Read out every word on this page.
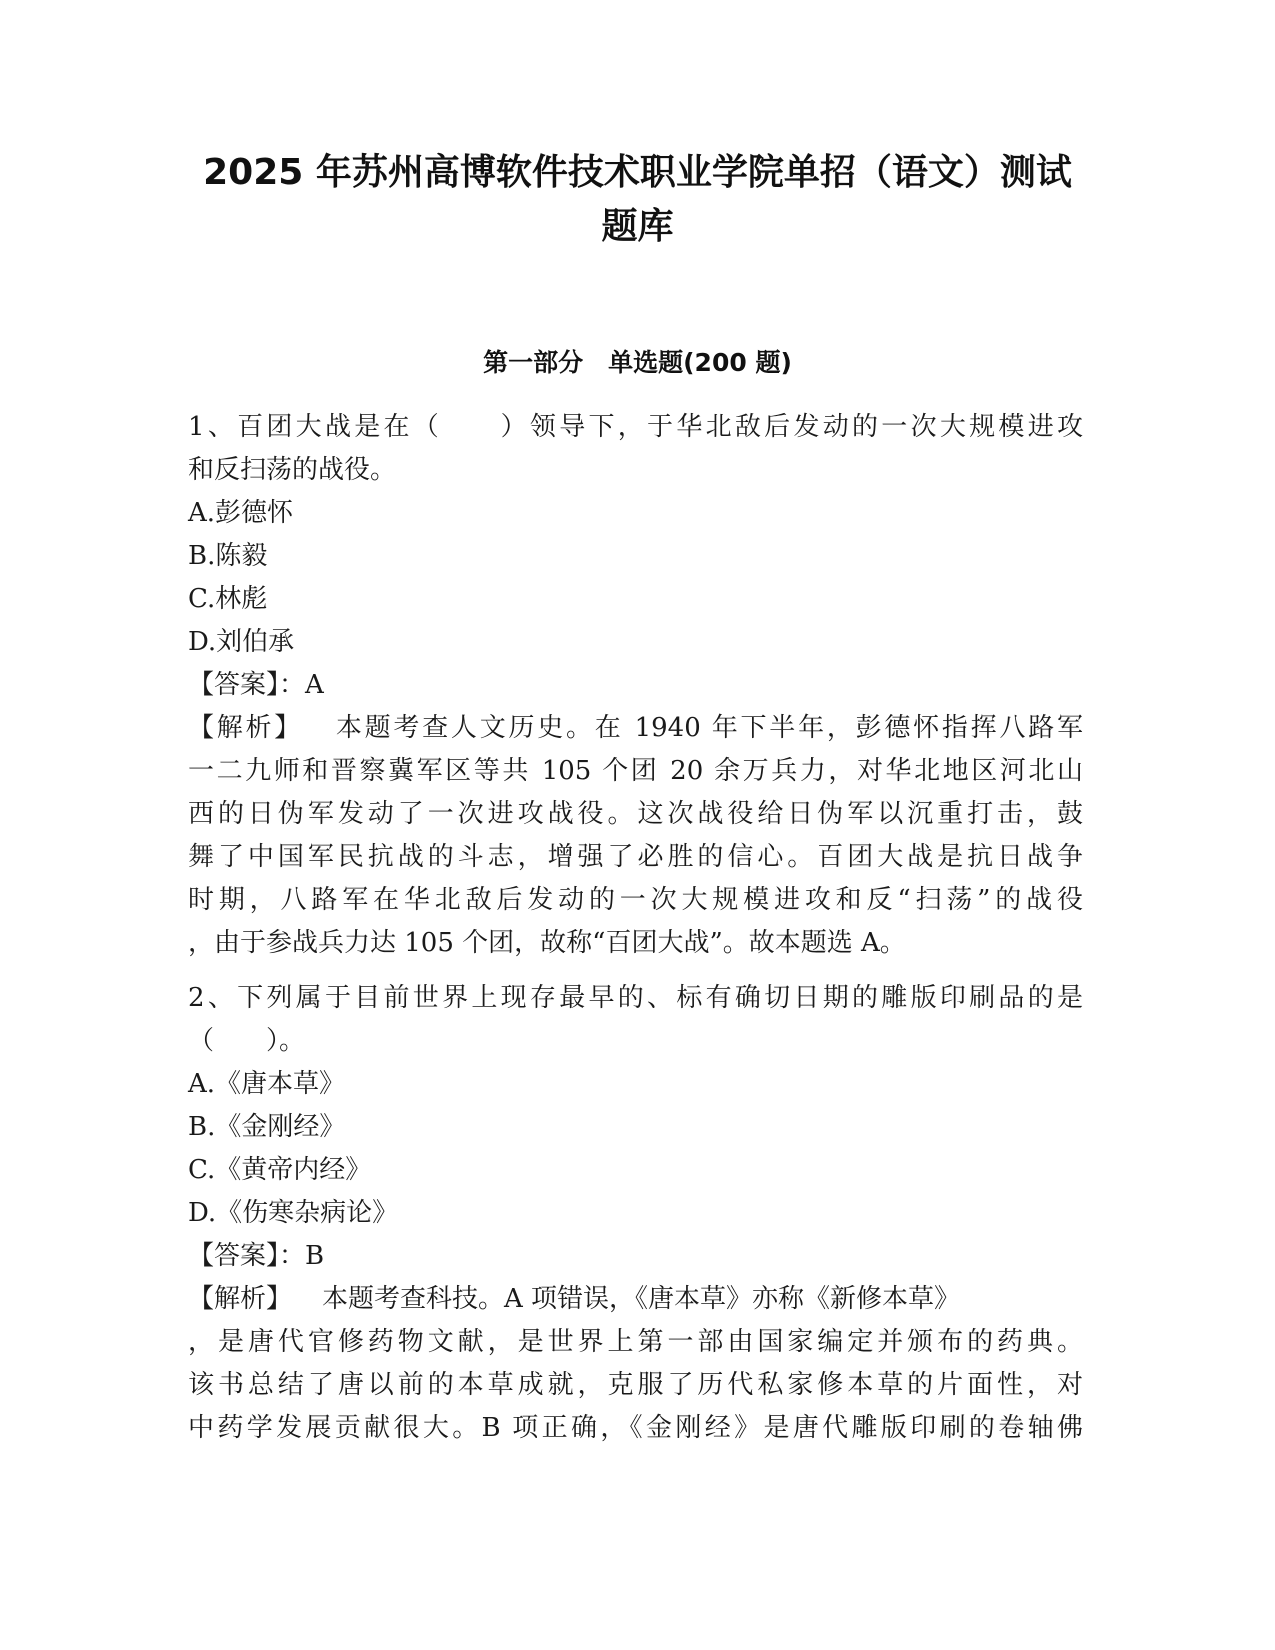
2025 年苏州高博软件技术职业学院单招（语文）测试
题库
第一部分　单选题(200 题)
1、百团大战是在（　　）领导下，于华北敌后发动的一次大规模进攻
和反扫荡的战役。
A.彭德怀
B.陈毅
C.林彪
D.刘伯承
【答案】：A
【解析】 本题考查人文历史。在 1940 年下半年，彭德怀指挥八路军
一二九师和晋察冀军区等共 105 个团 20 余万兵力，对华北地区河北山
西的日伪军发动了一次进攻战役。这次战役给日伪军以沉重打击，鼓
舞了中国军民抗战的斗志，增强了必胜的信心。百团大战是抗日战争
时期，八路军在华北敌后发动的一次大规模进攻和反“扫荡”的战役
，由于参战兵力达 105 个团，故称“百团大战”。故本题选 A。
2、下列属于目前世界上现存最早的、标有确切日期的雕版印刷品的是
（　　）。
A.《唐本草》
B.《金刚经》
C.《黄帝内经》
D.《伤寒杂病论》
【答案】：B
【解析】 本题考查科技。A 项错误，《唐本草》亦称《新修本草》
，是唐代官修药物文献，是世界上第一部由国家编定并颁布的药典。
该书总结了唐以前的本草成就，克服了历代私家修本草的片面性，对
中药学发展贡献很大。B 项正确，《金刚经》是唐代雕版印刷的卷轴佛
